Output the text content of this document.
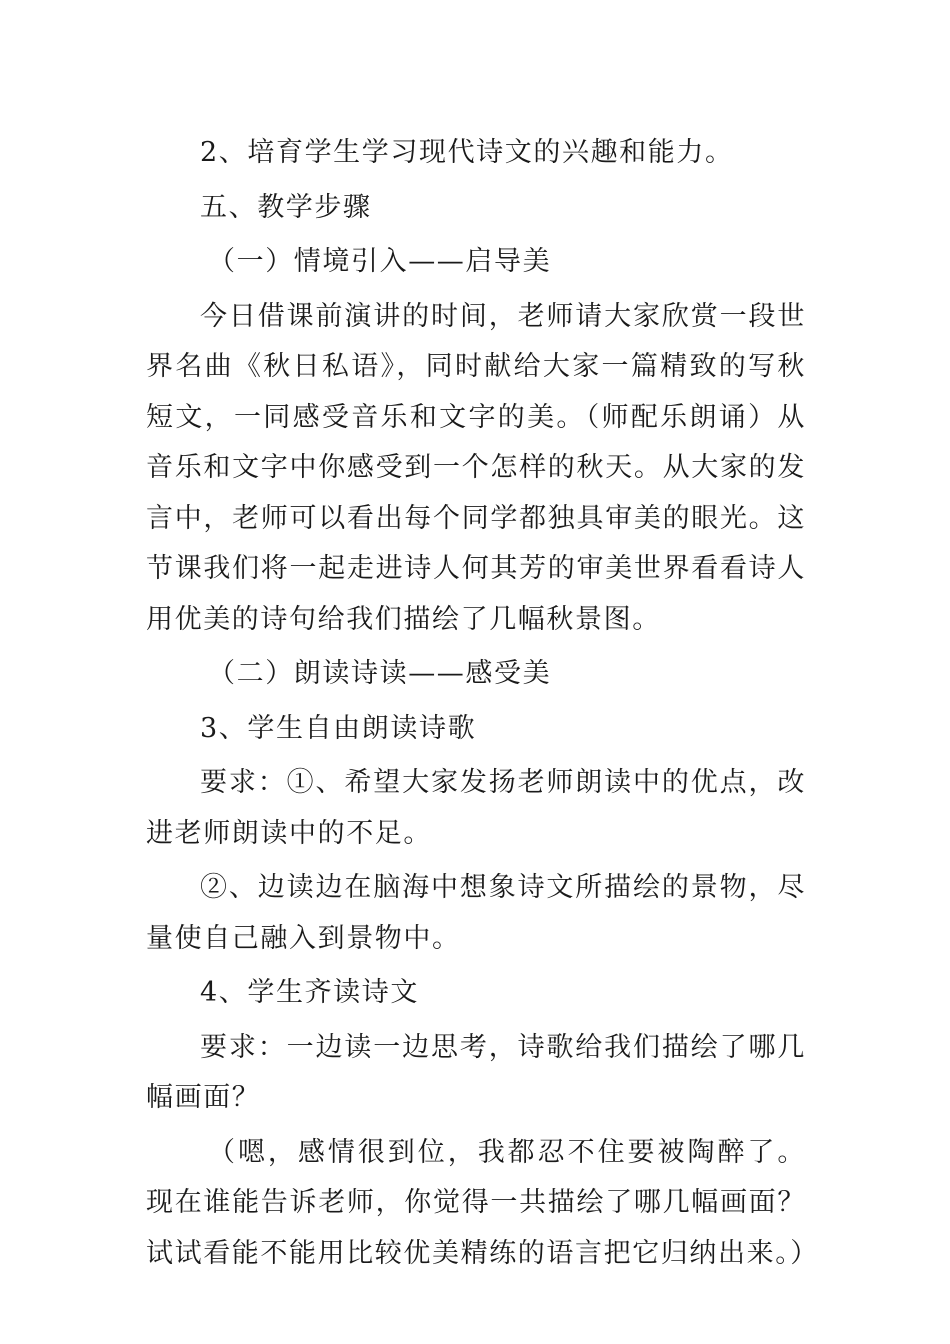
2、培育学生学习现代诗文的兴趣和能力。

五、教学步骤

（一）情境引入——启导美

今日借课前演讲的时间，老师请大家欣赏一段世界名曲《秋日私语》，同时献给大家一篇精致的写秋短文，一同感受音乐和文字的美。（师配乐朗诵）从音乐和文字中你感受到一个怎样的秋天。从大家的发言中，老师可以看出每个同学都独具审美的眼光。这节课我们将一起走进诗人何其芳的审美世界看看诗人用优美的诗句给我们描绘了几幅秋景图。

（二）朗读诗读——感受美

3、学生自由朗读诗歌

要求：①、希望大家发扬老师朗读中的优点，改进老师朗读中的不足。

②、边读边在脑海中想象诗文所描绘的景物，尽量使自己融入到景物中。

4、学生齐读诗文

要求：一边读一边思考，诗歌给我们描绘了哪几幅画面？

（嗯，感情很到位，我都忍不住要被陶醉了。现在谁能告诉老师，你觉得一共描绘了哪几幅画面？试试看能不能用比较优美精练的语言把它归纳出来。）
